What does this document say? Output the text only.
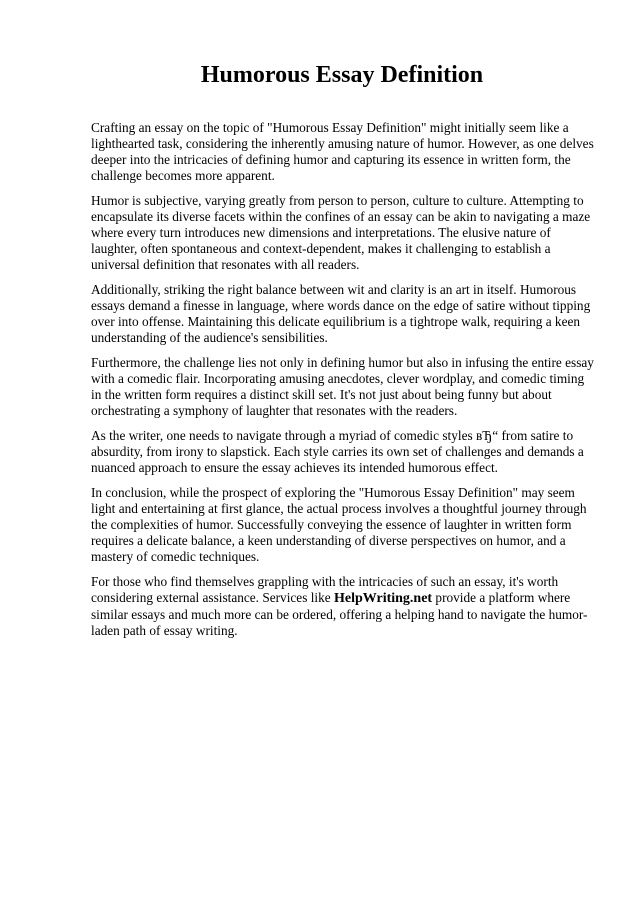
Humorous Essay Definition

Crafting an essay on the topic of "Humorous Essay Definition" might initially seem like a lighthearted task, considering the inherently amusing nature of humor. However, as one delves deeper into the intricacies of defining humor and capturing its essence in written form, the challenge becomes more apparent.

Humor is subjective, varying greatly from person to person, culture to culture. Attempting to encapsulate its diverse facets within the confines of an essay can be akin to navigating a maze where every turn introduces new dimensions and interpretations. The elusive nature of laughter, often spontaneous and context-dependent, makes it challenging to establish a universal definition that resonates with all readers.

Additionally, striking the right balance between wit and clarity is an art in itself. Humorous essays demand a finesse in language, where words dance on the edge of satire without tipping over into offense. Maintaining this delicate equilibrium is a tightrope walk, requiring a keen understanding of the audience's sensibilities.

Furthermore, the challenge lies not only in defining humor but also in infusing the entire essay with a comedic flair. Incorporating amusing anecdotes, clever wordplay, and comedic timing in the written form requires a distinct skill set. It's not just about being funny but about orchestrating a symphony of laughter that resonates with the readers.

As the writer, one needs to navigate through a myriad of comedic styles вЂ“ from satire to absurdity, from irony to slapstick. Each style carries its own set of challenges and demands a nuanced approach to ensure the essay achieves its intended humorous effect.

In conclusion, while the prospect of exploring the "Humorous Essay Definition" may seem light and entertaining at first glance, the actual process involves a thoughtful journey through the complexities of humor. Successfully conveying the essence of laughter in written form requires a delicate balance, a keen understanding of diverse perspectives on humor, and a mastery of comedic techniques.

For those who find themselves grappling with the intricacies of such an essay, it's worth considering external assistance. Services like HelpWriting.net provide a platform where similar essays and much more can be ordered, offering a helping hand to navigate the humor-laden path of essay writing.
